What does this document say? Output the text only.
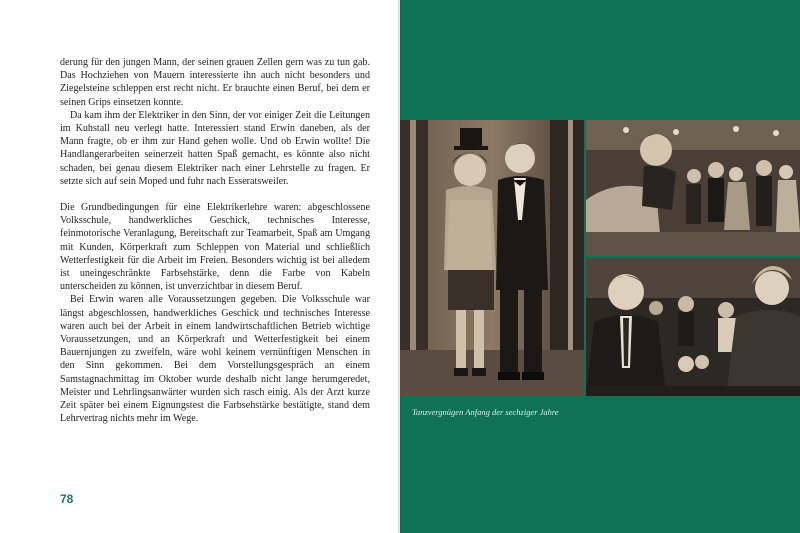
derung für den jungen Mann, der seinen grauen Zellen gern was zu tun gab. Das Hochziehen von Mauern interessierte ihn auch nicht besonders und Ziegelsteine schleppen erst recht nicht. Er brauchte einen Beruf, bei dem er seinen Grips einsetzen konnte.

Da kam ihm der Elektriker in den Sinn, der vor einiger Zeit die Leitungen im Kuhstall neu verlegt hatte. Interessiert stand Erwin daneben, als der Mann fragte, ob er ihm zur Hand gehen wolle. Und ob Erwin wollte! Die Handlangerarbeiten seinerzeit hatten Spaß gemacht, es könnte also nicht schaden, bei genau diesem Elektriker nach einer Lehrstelle zu fragen. Er setzte sich auf sein Moped und fuhr nach Esseratsweiler.

Die Grundbedingungen für eine Elektrikerlehre waren: abgeschlossene Volksschule, handwerkliches Geschick, technisches Interesse, feinmotorische Veranlagung, Bereitschaft zur Teamarbeit, Spaß am Umgang mit Kunden, Körperkraft zum Schleppen von Material und schließlich Wetterfestigkeit für die Arbeit im Freien. Besonders wichtig ist bei alledem ist uneingeschränkte Farbsehstärke, denn die Farbe von Kabeln unterscheiden zu können, ist unverzichtbar in diesem Beruf.

Bei Erwin waren alle Voraussetzungen gegeben. Die Volksschule war längst abgeschlossen, handwerkliches Geschick und technisches Interesse waren auch bei der Arbeit in einem landwirtschaftlichen Betrieb wichtige Voraussetzungen, und an Körperkraft und Wetterfestigkeit bei einem Bauernjungen zu zweifeln, wäre wohl keinem vernünftigen Menschen in den Sinn gekommen. Bei dem Vorstellungsgespräch an einem Samstagnachmittag im Oktober wurde deshalb nicht lange herumgeredet, Meister und Lehrlingsanwärter wurden sich rasch einig. Als der Arzt kurze Zeit später bei einem Eignungstest die Farbsehstärke bestätigte, stand dem Lehrvertrag nichts mehr im Wege.

78
Tanzvergnügen Anfang der sechziger Jahre
